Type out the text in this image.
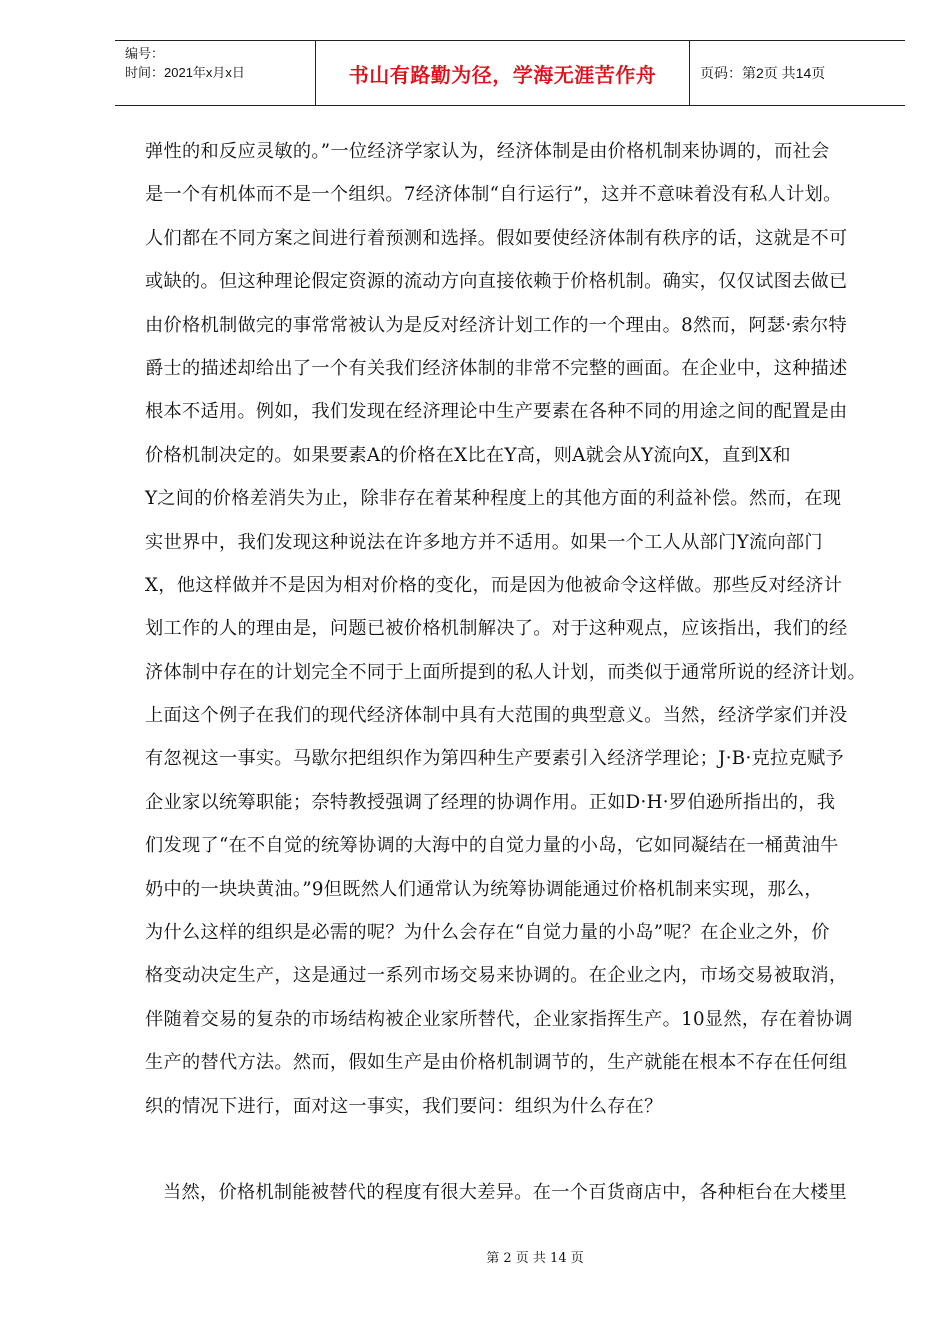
编号：
时间：2021年x月x日	书山有路勤为径，学海无涯苦作舟	页码：第2页 共14页
弹性的和反应灵敏的。”一位经济学家认为，经济体制是由价格机制来协调的，而社会
是一个有机体而不是一个组织。7经济体制“自行运行”，这并不意味着没有私人计划。
人们都在不同方案之间进行着预测和选择。假如要使经济体制有秩序的话，这就是不可
或缺的。但这种理论假定资源的流动方向直接依赖于价格机制。确实，仅仅试图去做已
由价格机制做完的事常常被认为是反对经济计划工作的一个理由。8然而，阿瑟·索尔特
爵士的描述却给出了一个有关我们经济体制的非常不完整的画面。在企业中，这种描述
根本不适用。例如，我们发现在经济理论中生产要素在各种不同的用途之间的配置是由
价格机制决定的。如果要素A的价格在X比在Y高，则A就会从Y流向X，直到X和
Y之间的价格差消失为止，除非存在着某种程度上的其他方面的利益补偿。然而，在现
实世界中，我们发现这种说法在许多地方并不适用。如果一个工人从部门Y流向部门
X，他这样做并不是因为相对价格的变化，而是因为他被命令这样做。那些反对经济计
划工作的人的理由是，问题已被价格机制解决了。对于这种观点，应该指出，我们的经
济体制中存在的计划完全不同于上面所提到的私人计划，而类似于通常所说的经济计划。
上面这个例子在我们的现代经济体制中具有大范围的典型意义。当然，经济学家们并没
有忽视这一事实。马歇尔把组织作为第四种生产要素引入经济学理论；J·B·克拉克赋予
企业家以统筹职能；奈特教授强调了经理的协调作用。正如D·H·罗伯逊所指出的，我
们发现了“在不自觉的统筹协调的大海中的自觉力量的小岛，它如同凝结在一桶黄油牛
奶中的一块块黄油。”9但既然人们通常认为统筹协调能通过价格机制来实现，那么，
为什么这样的组织是必需的呢？为什么会存在“自觉力量的小岛”呢？在企业之外，价
格变动决定生产，这是通过一系列市场交易来协调的。在企业之内，市场交易被取消，
伴随着交易的复杂的市场结构被企业家所替代，企业家指挥生产。10显然，存在着协调
生产的替代方法。然而，假如生产是由价格机制调节的，生产就能在根本不存在任何组
织的情况下进行，面对这一事实，我们要问：组织为什么存在？
当然，价格机制能被替代的程度有很大差异。在一个百货商店中，各种柜台在大楼里
第 2 页 共 14 页
